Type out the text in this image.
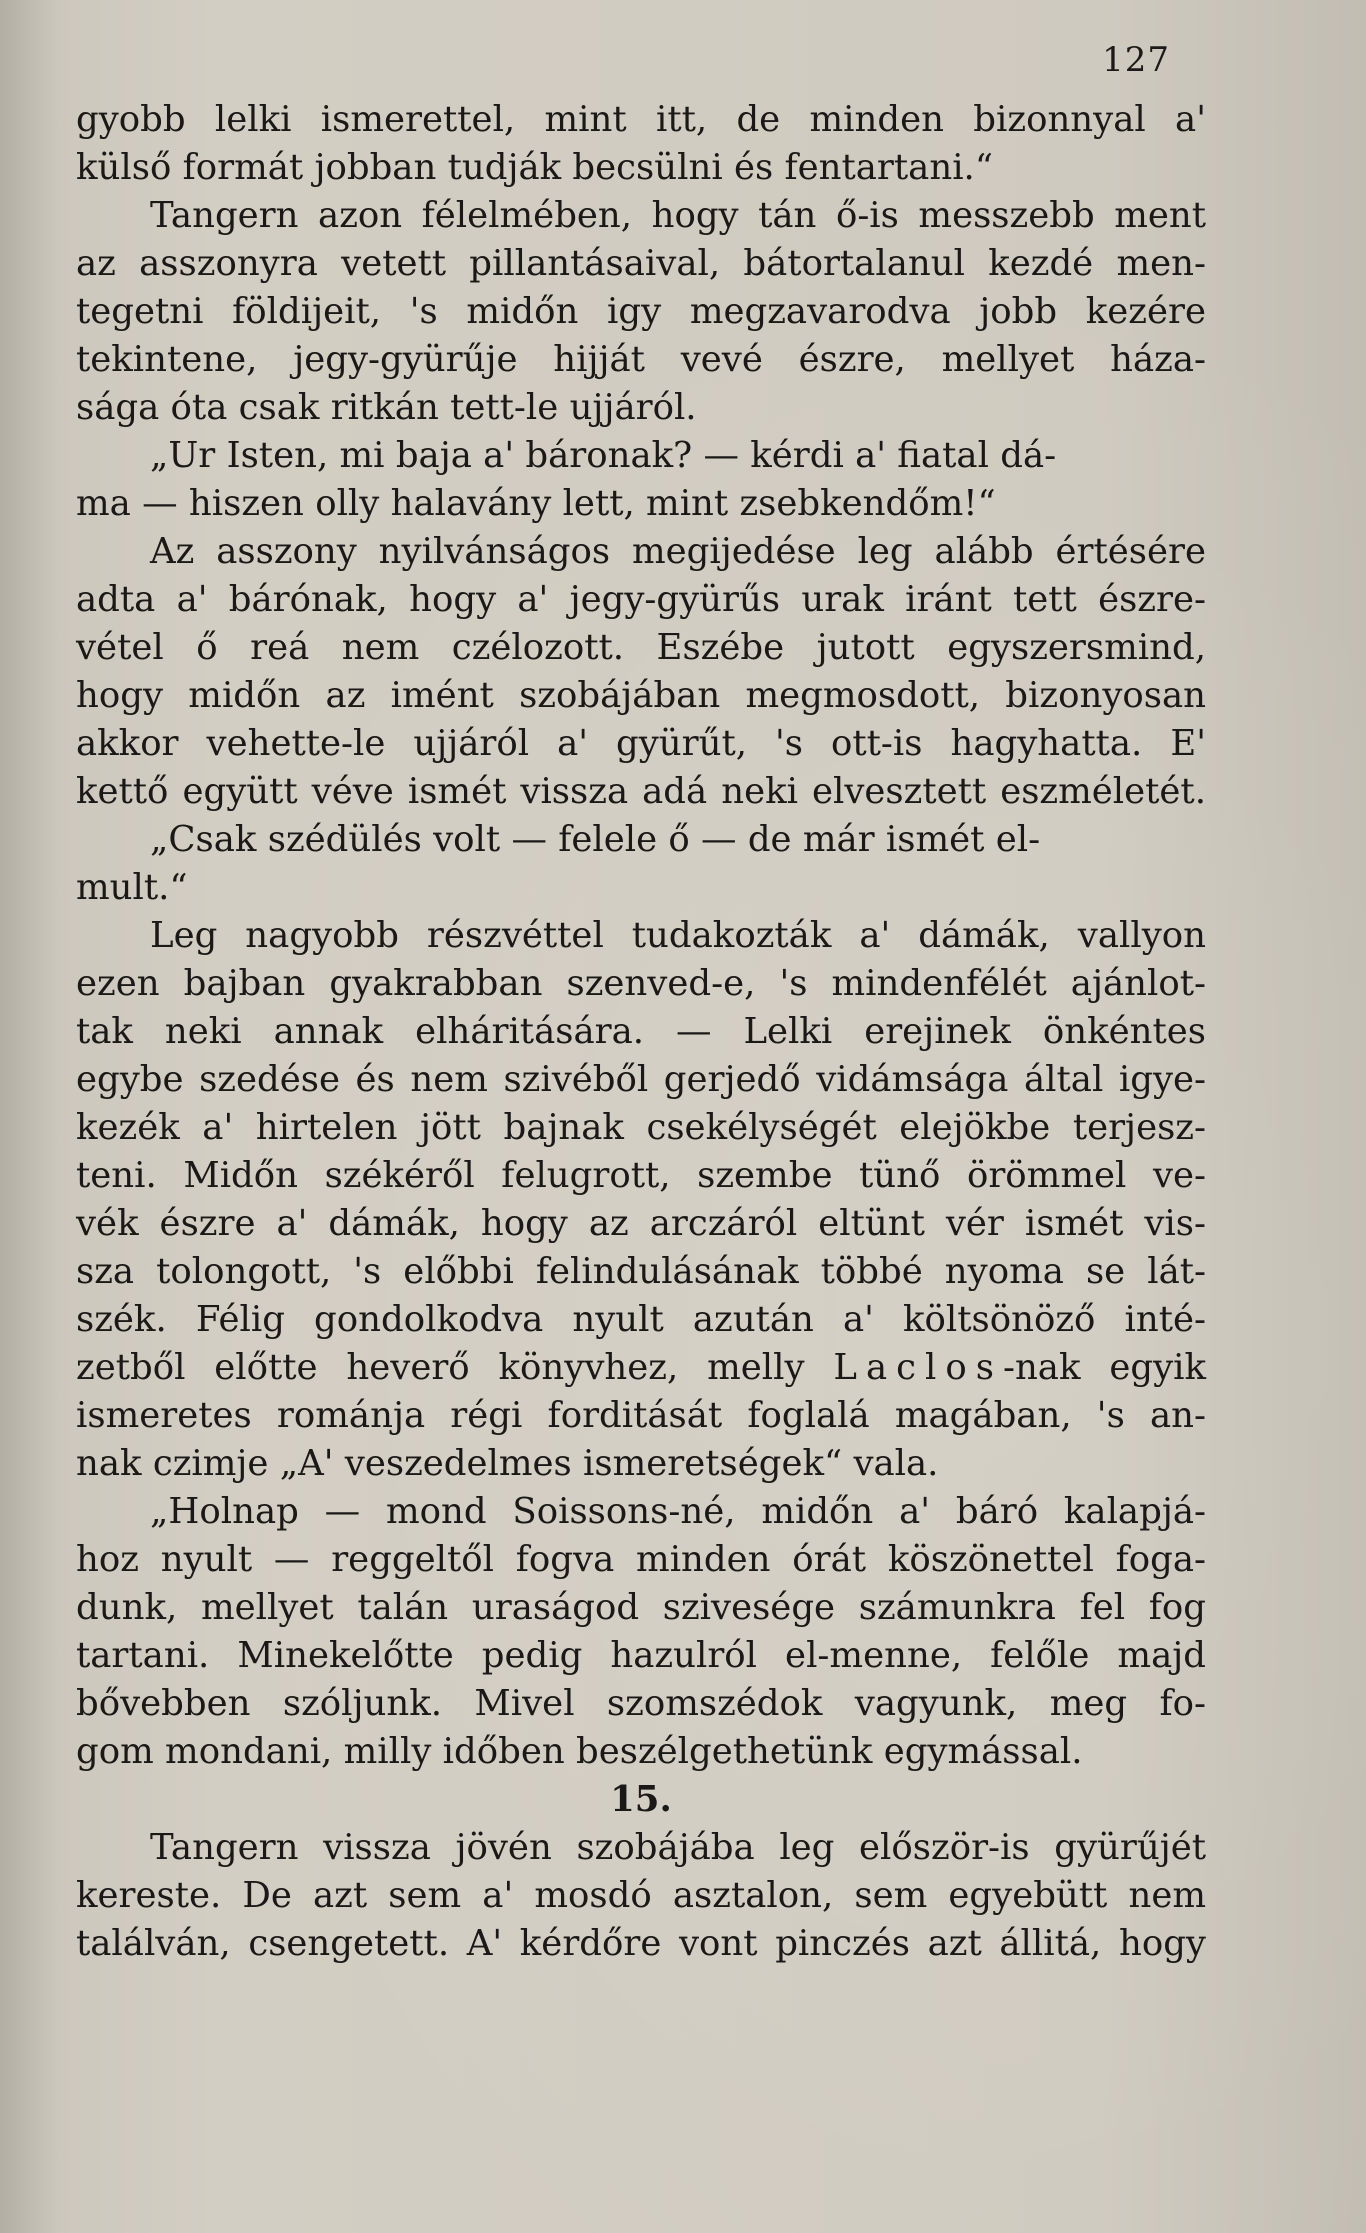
127
gyobb lelki ismerettel, mint itt, de minden bizonnyal a'
külső formát jobban tudják becsülni és fentartani.“
Tangern azon félelmében, hogy tán ő-is messzebb ment
az asszonyra vetett pillantásaival, bátortalanul kezdé men-
tegetni földijeit, 's midőn igy megzavarodva jobb kezére
tekintene, jegy-gyürűje hijját vevé észre, mellyet háza-
sága óta csak ritkán tett-le ujjáról.
„Ur Isten, mi baja a' báronak? — kérdi a' fiatal dá-
ma — hiszen olly halavány lett, mint zsebkendőm!“
Az asszony nyilvánságos megijedése leg alább értésére
adta a' bárónak, hogy a' jegy-gyürűs urak iránt tett észre-
vétel ő reá nem czélozott. Eszébe jutott egyszersmind,
hogy midőn az imént szobájában megmosdott, bizonyosan
akkor vehette-le ujjáról a' gyürűt, 's ott-is hagyhatta. E'
kettő együtt véve ismét vissza adá neki elvesztett eszméletét.
„Csak szédülés volt — felele ő — de már ismét el-
mult.“
Leg nagyobb részvéttel tudakozták a' dámák, vallyon
ezen bajban gyakrabban szenved-e, 's mindenfélét ajánlot-
tak neki annak elháritására. — Lelki erejinek önkéntes
egybe szedése és nem szivéből gerjedő vidámsága által igye-
kezék a' hirtelen jött bajnak csekélységét elejökbe terjesz-
teni. Midőn székéről felugrott, szembe tünő örömmel ve-
vék észre a' dámák, hogy az arczáról eltünt vér ismét vis-
sza tolongott, 's előbbi felindulásának többé nyoma se lát-
szék. Félig gondolkodva nyult azután a' költsönöző inté-
zetből előtte heverő könyvhez, melly Laclos-nak egyik
ismeretes románja régi forditását foglalá magában, 's an-
nak czimje „A' veszedelmes ismeretségek“ vala.
„Holnap — mond Soissons-né, midőn a' báró kalapjá-
hoz nyult — reggeltől fogva minden órát köszönettel foga-
dunk, mellyet talán uraságod szivesége számunkra fel fog
tartani. Minekelőtte pedig hazulról el-menne, felőle majd
bővebben szóljunk. Mivel szomszédok vagyunk, meg fo-
gom mondani, milly időben beszélgethetünk egymással.
15.
Tangern vissza jövén szobájába leg először-is gyürűjét
kereste. De azt sem a' mosdó asztalon, sem egyebütt nem
találván, csengetett. A' kérdőre vont pinczés azt állitá, hogy
